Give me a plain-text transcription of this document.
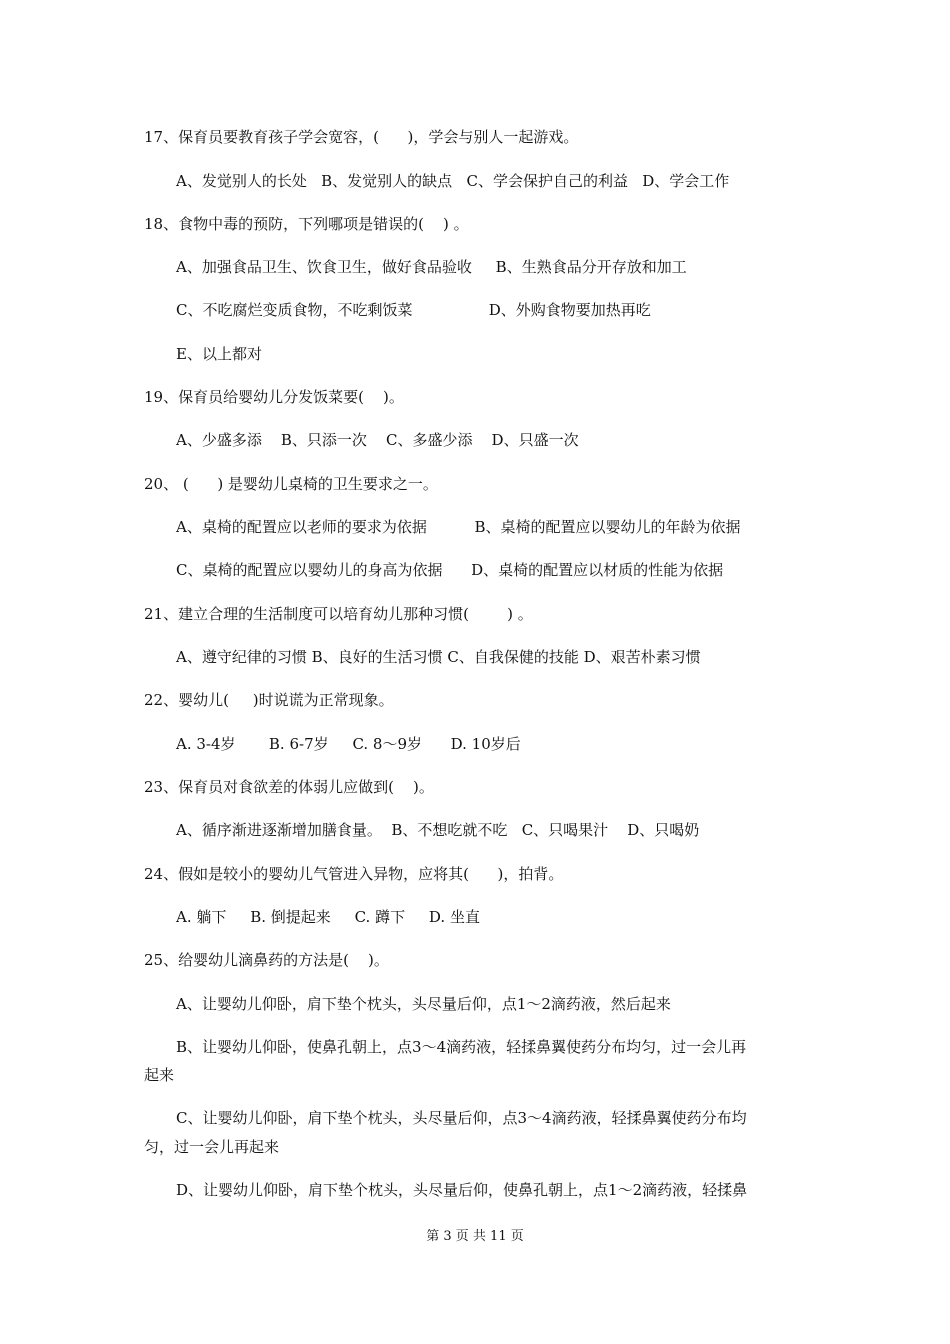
17、保育员要教育孩子学会宽容，(      )，学会与别人一起游戏。
A、发觉别人的长处   B、发觉别人的缺点   C、学会保护自己的利益   D、学会工作
18、食物中毒的预防，下列哪项是错误的(    ) 。
A、加强食品卫生、饮食卫生，做好食品验收     B、生熟食品分开存放和加工
C、不吃腐烂变质食物，不吃剩饭菜                D、外购食物要加热再吃
E、以上都对
19、保育员给婴幼儿分发饭菜要(    )。
A、少盛多添    B、只添一次    C、多盛少添    D、只盛一次
20、 (      ) 是婴幼儿桌椅的卫生要求之一。
A、桌椅的配置应以老师的要求为依据          B、桌椅的配置应以婴幼儿的年龄为依据
C、桌椅的配置应以婴幼儿的身高为依据      D、桌椅的配置应以材质的性能为依据
21、建立合理的生活制度可以培育幼儿那种习惯(        ) 。
A、遵守纪律的习惯 B、良好的生活习惯 C、自我保健的技能 D、艰苦朴素习惯
22、婴幼儿(     )时说谎为正常现象。
A. 3-4岁       B. 6-7岁     C. 8～9岁      D. 10岁后
23、保育员对食欲差的体弱儿应做到(    )。
A、循序渐进逐渐增加膳食量。  B、不想吃就不吃   C、只喝果汁    D、只喝奶
24、假如是较小的婴幼儿气管进入异物，应将其(      )，拍背。
A. 躺下     B. 倒提起来     C. 蹲下     D. 坐直
25、给婴幼儿滴鼻药的方法是(    )。
A、让婴幼儿仰卧，肩下垫个枕头，头尽量后仰，点1～2滴药液，然后起来
B、让婴幼儿仰卧，使鼻孔朝上，点3～4滴药液，轻揉鼻翼使药分布均匀，过一会儿再
起来
C、让婴幼儿仰卧，肩下垫个枕头，头尽量后仰，点3～4滴药液，轻揉鼻翼使药分布均
匀，过一会儿再起来
D、让婴幼儿仰卧，肩下垫个枕头，头尽量后仰，使鼻孔朝上，点1～2滴药液，轻揉鼻
第 3 页 共 11 页
